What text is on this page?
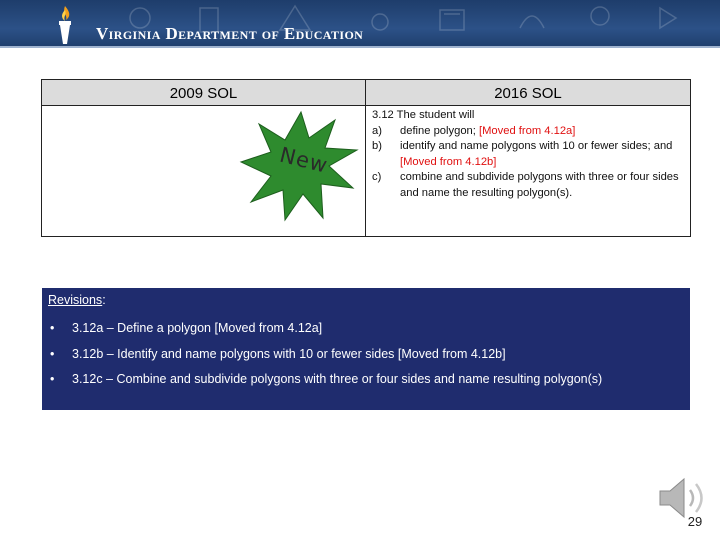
Virginia Department of Education
2009 SOL	2016 SOL
New
3.12 The student will
a) define polygon; [Moved from 4.12a]
b) identify and name polygons with 10 or fewer sides; and [Moved from 4.12b]
c) combine and subdivide polygons with three or four sides and name the resulting polygon(s).
Revisions:
• 3.12a – Define a polygon [Moved from 4.12a]
• 3.12b – Identify and name polygons with 10 or fewer sides [Moved from 4.12b]
• 3.12c – Combine and subdivide polygons with three or four sides and name resulting polygon(s)
29
